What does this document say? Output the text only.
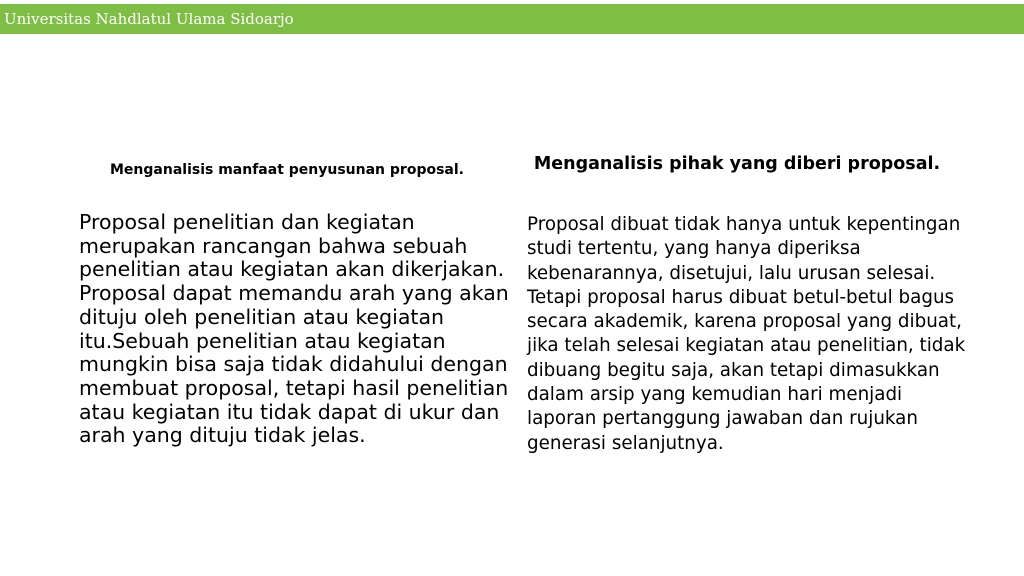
Universitas Nahdlatul Ulama Sidoarjo
Menganalisis manfaat penyusunan proposal.

Proposal penelitian dan kegiatan merupakan rancangan bahwa sebuah penelitian atau kegiatan akan dikerjakan. Proposal dapat memandu arah yang akan dituju oleh penelitian atau kegiatan itu.Sebuah penelitian atau kegiatan mungkin bisa saja tidak didahului dengan membuat proposal, tetapi hasil penelitian atau kegiatan itu tidak dapat di ukur dan arah yang dituju tidak jelas.

Menganalisis pihak yang diberi proposal.

Proposal dibuat tidak hanya untuk kepentingan studi tertentu, yang hanya diperiksa kebenarannya, disetujui, lalu urusan selesai. Tetapi proposal harus dibuat betul-betul bagus secara akademik, karena proposal yang dibuat, jika telah selesai kegiatan atau penelitian, tidak dibuang begitu saja, akan tetapi dimasukkan dalam arsip yang kemudian hari menjadi laporan pertanggung jawaban dan rujukan generasi selanjutnya.
